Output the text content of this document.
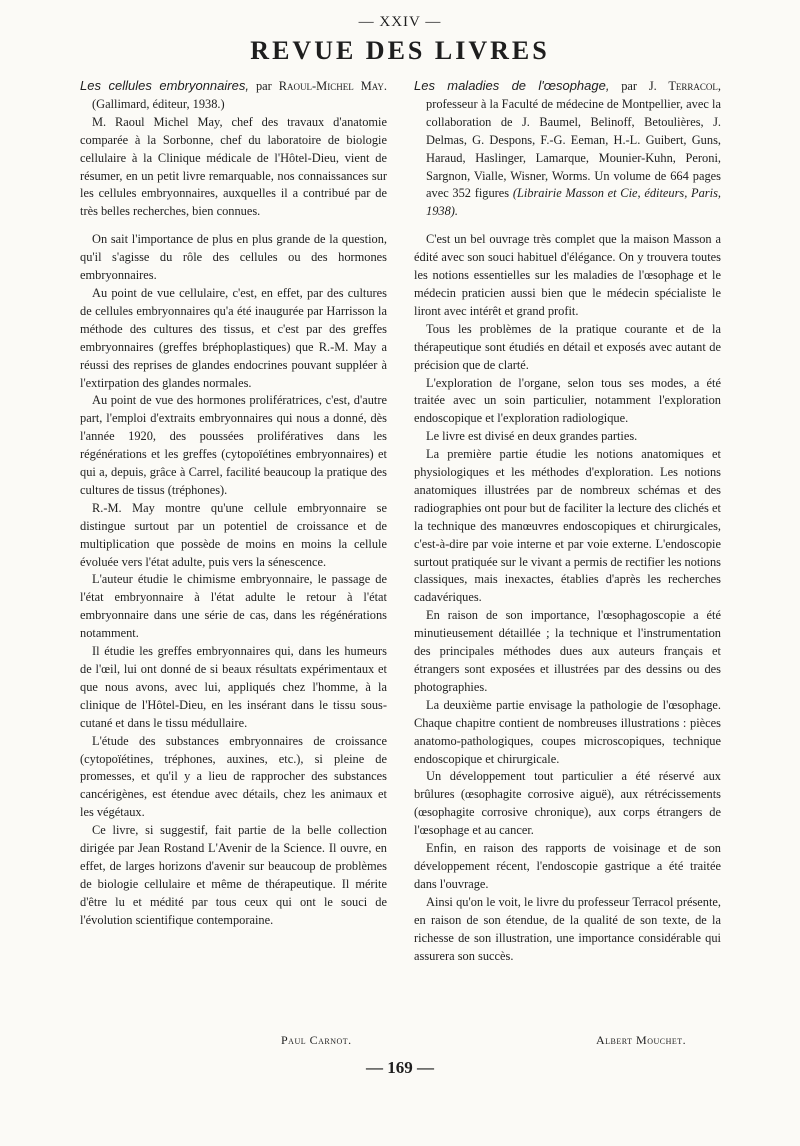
— XXIV —
REVUE DES LIVRES

Les cellules embryonnaires, par Raoul-Michel May. (Gallimard, éditeur, 1938.)

M. Raoul Michel May, chef des travaux d'anatomie comparée à la Sorbonne, chef du laboratoire de biologie cellulaire à la Clinique médicale de l'Hôtel-Dieu, vient de résumer, en un petit livre remarquable, nos connaissances sur les cellules embryonnaires, auxquelles il a contribué par de très belles recherches, bien connues.

On sait l'importance de plus en plus grande de la question, qu'il s'agisse du rôle des cellules ou des hormones embryonnaires.

Au point de vue cellulaire, c'est, en effet, par des cultures de cellules embryonnaires qu'a été inaugurée par Harrisson la méthode des cultures des tissus, et c'est par des greffes embryonnaires (greffes bréphoplastiques) que R.-M. May a réussi des reprises de glandes endocrines pouvant suppléer à l'extirpation des glandes normales.

Au point de vue des hormones prolifératrices, c'est, d'autre part, l'emploi d'extraits embryonnaires qui nous a donné, dès l'année 1920, des poussées prolifératives dans les régénérations et les greffes (cytopoïétines embryonnaires) et qui a, depuis, grâce à Carrel, facilité beaucoup la pratique des cultures de tissus (tréphones).

R.-M. May montre qu'une cellule embryonnaire se distingue surtout par un potentiel de croissance et de multiplication que possède de moins en moins la cellule évoluée vers l'état adulte, puis vers la sénescence.

L'auteur étudie le chimisme embryonnaire, le passage de l'état embryonnaire à l'état adulte le retour à l'état embryonnaire dans une série de cas, dans les régénérations notamment.

Il étudie les greffes embryonnaires qui, dans les humeurs de l'œil, lui ont donné de si beaux résultats expérimentaux et que nous avons, avec lui, appliqués chez l'homme, à la clinique de l'Hôtel-Dieu, en les insérant dans le tissu sous-cutané et dans le tissu médullaire.

L'étude des substances embryonnaires de croissance (cytopoïétines, tréphones, auxines, etc.), si pleine de promesses, et qu'il y a lieu de rapprocher des substances cancérigènes, est étendue avec détails, chez les animaux et les végétaux.

Ce livre, si suggestif, fait partie de la belle collection dirigée par Jean Rostand L'Avenir de la Science. Il ouvre, en effet, de larges horizons d'avenir sur beaucoup de problèmes de biologie cellulaire et même de thérapeutique. Il mérite d'être lu et médité par tous ceux qui ont le souci de l'évolution scientifique contemporaine.

Les maladies de l'œsophage, par J. Terracol, professeur à la Faculté de médecine de Montpellier, avec la collaboration de J. Baumel, Belinoff, Betoulières, J. Delmas, G. Despons, F.-G. Eeman, H.-L. Guibert, Guns, Haraud, Haslinger, Lamarque, Mounier-Kuhn, Peroni, Sargnon, Vialle, Wisner, Worms. Un volume de 664 pages avec 352 figures (Librairie Masson et Cie, éditeurs, Paris, 1938).

C'est un bel ouvrage très complet que la maison Masson a édité avec son souci habituel d'élégance. On y trouvera toutes les notions essentielles sur les maladies de l'œsophage et le médecin praticien aussi bien que le médecin spécialiste le liront avec intérêt et grand profit.

Tous les problèmes de la pratique courante et de la thérapeutique sont étudiés en détail et exposés avec autant de précision que de clarté.

L'exploration de l'organe, selon tous ses modes, a été traitée avec un soin particulier, notamment l'exploration endoscopique et l'exploration radiologique.

Le livre est divisé en deux grandes parties.

La première partie étudie les notions anatomiques et physiologiques et les méthodes d'exploration. Les notions anatomiques illustrées par de nombreux schémas et des radiographies ont pour but de faciliter la lecture des clichés et la technique des manœuvres endoscopiques et chirurgicales, c'est-à-dire par voie interne et par voie externe. L'endoscopie surtout pratiquée sur le vivant a permis de rectifier les notions classiques, mais inexactes, établies d'après les recherches cadavériques.

En raison de son importance, l'œsophagoscopie a été minutieusement détaillée ; la technique et l'instrumentation des principales méthodes dues aux auteurs français et étrangers sont exposées et illustrées par des dessins ou des photographies.

La deuxième partie envisage la pathologie de l'œsophage. Chaque chapitre contient de nombreuses illustrations : pièces anatomo-pathologiques, coupes microscopiques, technique endoscopique et chirurgicale.

Un développement tout particulier a été réservé aux brûlures (œsophagite corrosive aiguë), aux rétrécissements (œsophagite corrosive chronique), aux corps étrangers de l'œsophage et au cancer.

Enfin, en raison des rapports de voisinage et de son développement récent, l'endoscopie gastrique a été traitée dans l'ouvrage.

Ainsi qu'on le voit, le livre du professeur Terracol présente, en raison de son étendue, de la qualité de son texte, de la richesse de son illustration, une importance considérable qui assurera son succès.

Paul Carnot.	Albert Mouchet.
— 169 —
